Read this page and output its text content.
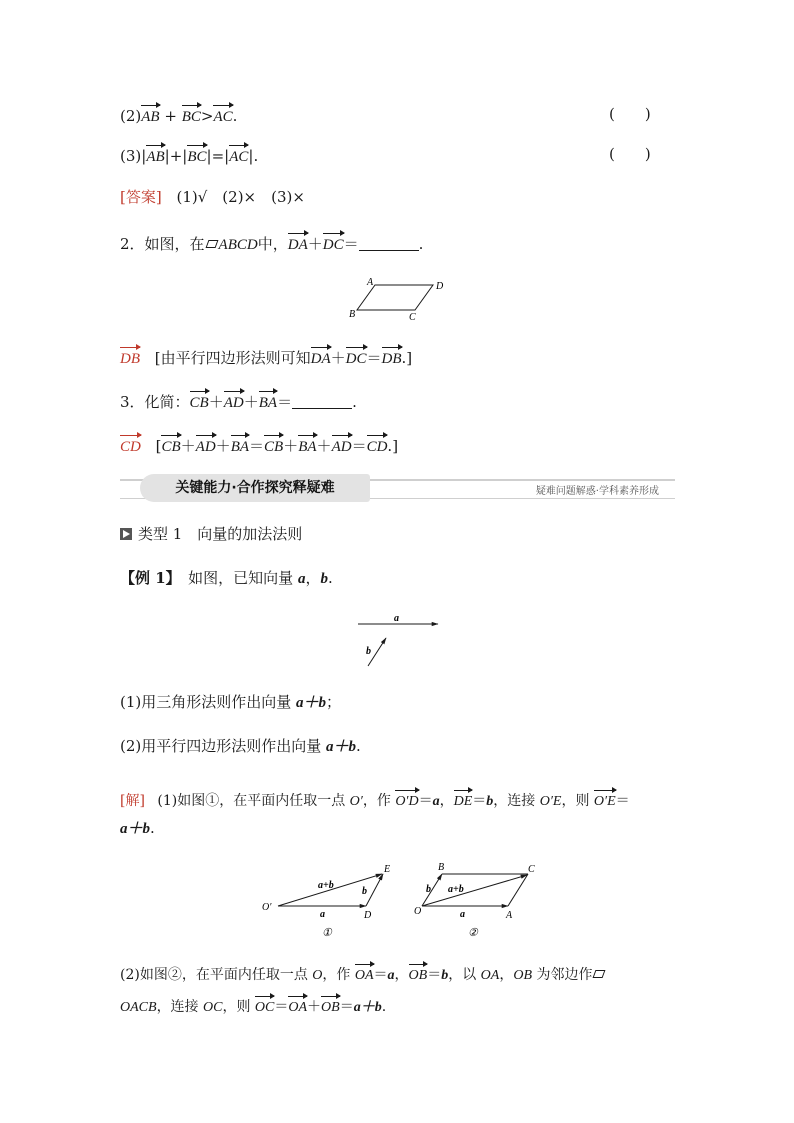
(2)AB + BC>AC.	(　　)
(3)|AB|+|BC|=|AC|.	(　　)
[答案] (1)√　(2)×　(3)×
2．如图，在 ABCD中，DA＋DC＝	.
A	D
B	C
DB [由平行四边形法则可知DA＋DC＝DB.]
3．化简：CB＋AD＋BA＝	.
CD [CB＋AD＋BA＝CB＋BA＋AD＝CD.]
关键能力·合作探究释疑难	疑难问题解惑·学科素养形成
类型 1　向量的加法法则
【例 1】　如图，已知向量 a，b.
a
b
(1)用三角形法则作出向量 a＋b；
(2)用平行四边形法则作出向量 a＋b.
[解] (1)如图①，在平面内任取一点 O′，作 O′D＝a，DE＝b，连接 O′E，则 O′E＝
a＋b.
O′
D
E
a+b
a
b
①
O	A
B	C
a+b
a
b
②
(2)如图②，在平面内任取一点 O，作 OA＝a，OB＝b，以 OA，OB 为邻边作
OACB，连接 OC，则 OC＝OA＋OB＝a＋b.
